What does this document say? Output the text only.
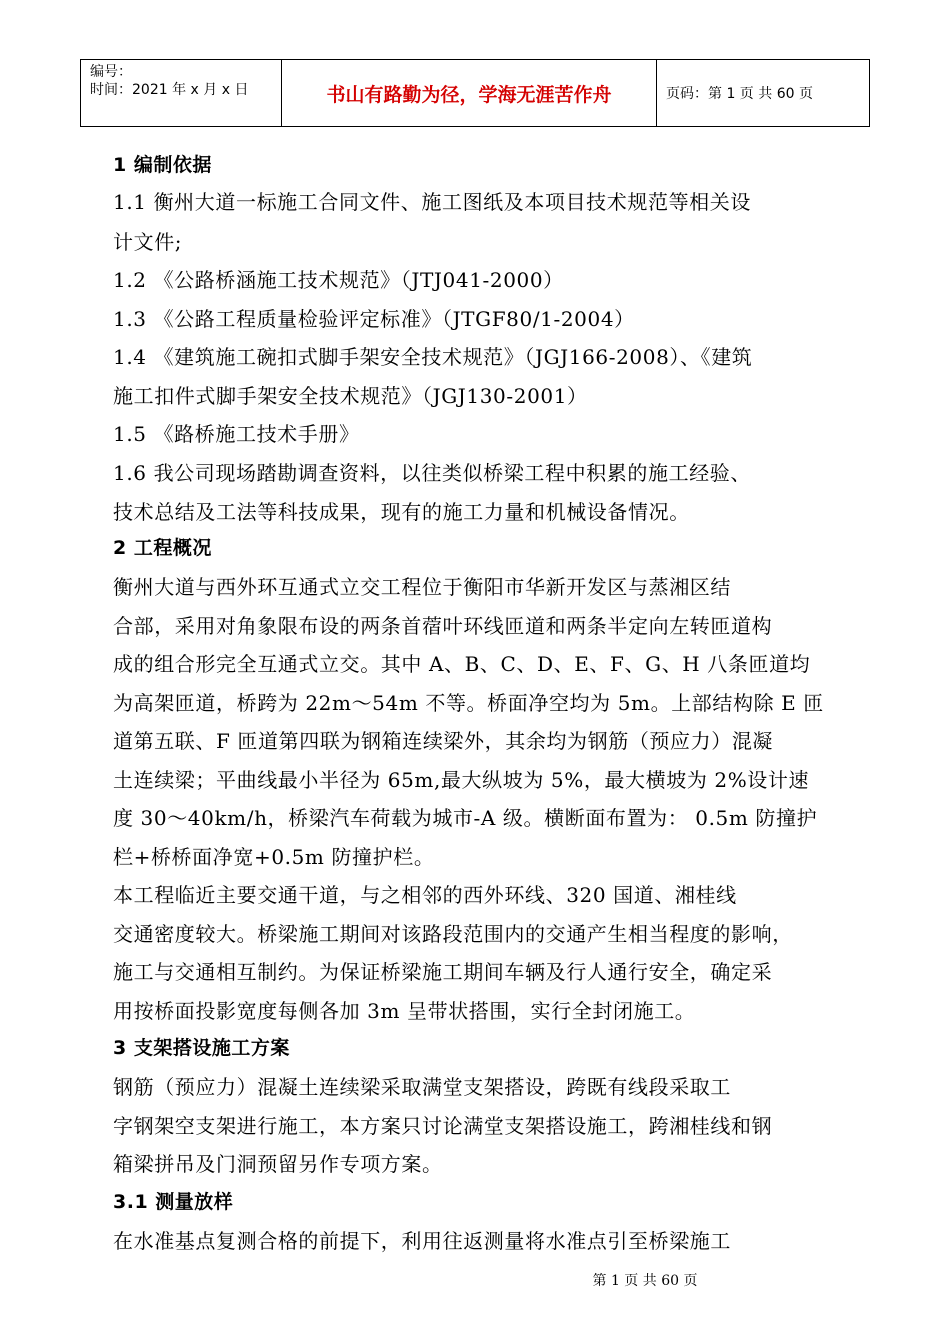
编号：
时间：2021 年 x 月 x 日	书山有路勤为径，学海无涯苦作舟	页码：第 1 页 共 60 页
1 编制依据
1.1 衡州大道一标施工合同文件、施工图纸及本项目技术规范等相关设
计文件;
1.2 《公路桥涵施工技术规范》（JTJ041-2000）
1.3 《公路工程质量检验评定标准》（JTGF80/1-2004）
1.4 《建筑施工碗扣式脚手架安全技术规范》（JGJ166-2008）、《建筑
施工扣件式脚手架安全技术规范》（JGJ130-2001）
1.5 《路桥施工技术手册》
1.6 我公司现场踏勘调查资料，以往类似桥梁工程中积累的施工经验、
技术总结及工法等科技成果，现有的施工力量和机械设备情况。
2 工程概况
衡州大道与西外环互通式立交工程位于衡阳市华新开发区与蒸湘区结
合部，采用对角象限布设的两条首蓿叶环线匝道和两条半定向左转匝道构
成的组合形完全互通式立交。其中 A、B、C、D、E、F、G、H 八条匝道均
为高架匝道，桥跨为 22m～54m 不等。桥面净空均为 5m。上部结构除 E 匝
道第五联、F 匝道第四联为钢箱连续梁外，其余均为钢筋（预应力）混凝
土连续梁；平曲线最小半径为 65m,最大纵坡为 5%，最大横坡为 2%设计速
度 30～40km/h，桥梁汽车荷载为城市-A 级。横断面布置为： 0.5m 防撞护
栏+桥桥面净宽+0.5m 防撞护栏。
本工程临近主要交通干道，与之相邻的西外环线、320 国道、湘桂线
交通密度较大。桥梁施工期间对该路段范围内的交通产生相当程度的影响，
施工与交通相互制约。为保证桥梁施工期间车辆及行人通行安全，确定采
用按桥面投影宽度每侧各加 3m 呈带状搭围，实行全封闭施工。
3 支架搭设施工方案
钢筋（预应力）混凝土连续梁采取满堂支架搭设，跨既有线段采取工
字钢架空支架进行施工，本方案只讨论满堂支架搭设施工，跨湘桂线和钢
箱梁拼吊及门洞预留另作专项方案。
3.1 测量放样
在水准基点复测合格的前提下，利用往返测量将水准点引至桥梁施工
第 1 页 共 60 页
